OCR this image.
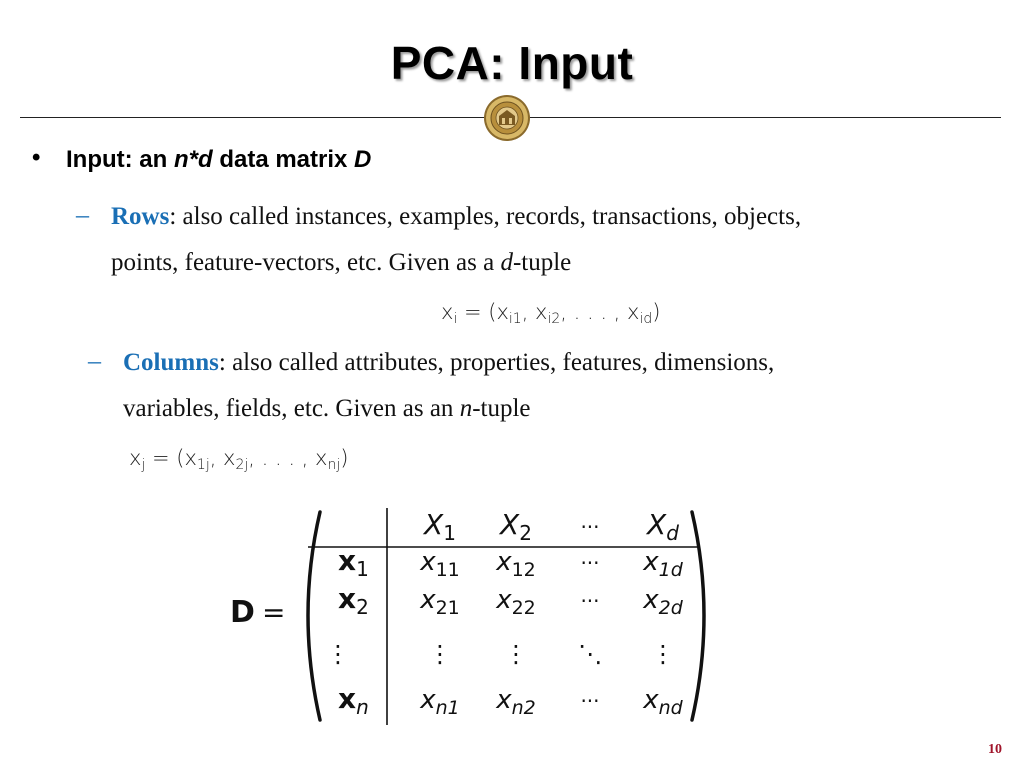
PCA: Input
• Input: an n*d data matrix D
– Rows: also called instances, examples, records, transactions, objects,
points, feature-vectors, etc. Given as a d-tuple
$x_i = (x_{i1}$, $x_{i2}$, . . . , $x_{id}$)
– Columns: also called attributes, properties, features, dimensions,
variables, fields, etc. Given as an n-tuple
$x_j = (x_{1j}$, $x_{2j}$, . . . , $x_{nj}$)
D =
$X_1$ $X_2$ ··· $X_d$
$x_1$
$x_2$
⋮
$x_n$
$x_{11}$ $x_{12}$ ··· $x_{1d}$
$x_{21}$ $x_{22}$ ··· $x_{2d}$
⋮ ⋮ ⋱ ⋮
$x_{n1}$ $x_{n2}$ ··· $x_{nd}$
10
